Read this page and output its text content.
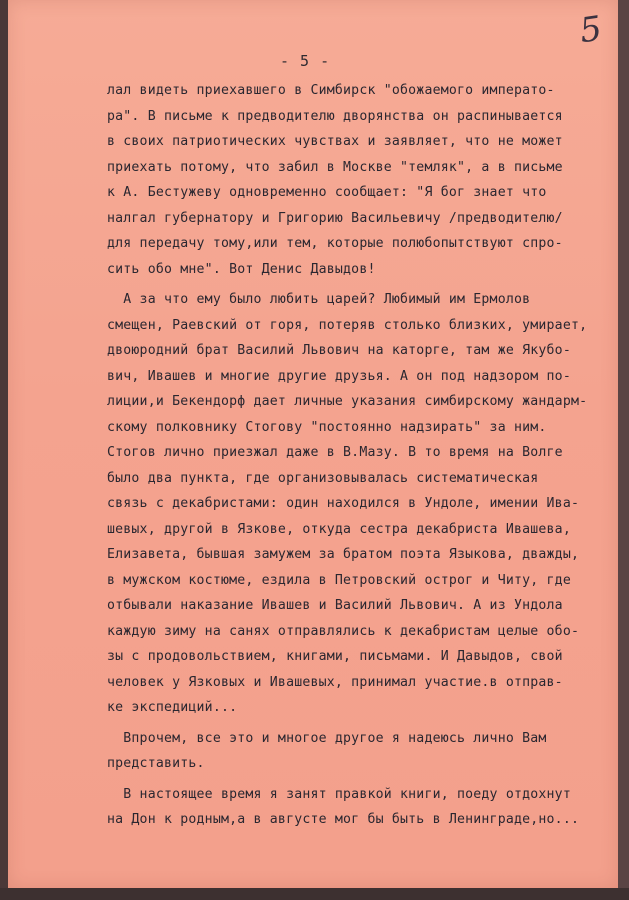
5
- 5 -
лал видеть приехавшего в Симбирск "обожаемого императо-
ра". В письме к предводителю дворянства он распинывается
в своих патриотических чувствах и заявляет, что не может
приехать потому, что забил в Москве "темляк", а в письме
к А. Бестужеву одновременно сообщает: "Я бог знает что
налгал губернатору и Григорию Васильевичу /предводителю/
для передачу тому,или тем, которые полюбопытствуют спро-
сить обо мне". Вот Денис Давыдов!
А за что ему было любить царей? Любимый им Ермолов
смещен, Раевский от горя, потеряв столько близких, умирает,
двоюродний брат Василий Львович на каторге, там же Якубо-
вич, Ивашев и многие другие друзья. А он под надзором по-
лиции,и Бекендорф дает личные указания симбирскому жандарм-
скому полковнику Стогову "постоянно надзирать" за ним.
Стогов лично приезжал даже в В.Мазу. В то время на Волге
было два пункта, где организовывалась систематическая
связь с декабристами: один находился в Ундоле, имении Ива-
шевых, другой в Язкове, откуда сестра декабриста Ивашева,
Елизавета, бывшая замужем за братом поэта Языкова, дважды,
в мужском костюме, ездила в Петровский острог и Читу, где
отбывали наказание Ивашев и Василий Львович. А из Ундола
каждую зиму на санях отправлялись к декабристам целые обо-
зы с продовольствием, книгами, письмами. И Давыдов, свой
человек у Язковых и Ивашевых, принимал участие.в отправ-
ке экспедиций...
Впрочем, все это и многое другое я надеюсь лично Вам
представить.
В настоящее время я занят правкой книги, поеду отдохнут
на Дон к родным,а в августе мог бы быть в Ленинграде,но...
